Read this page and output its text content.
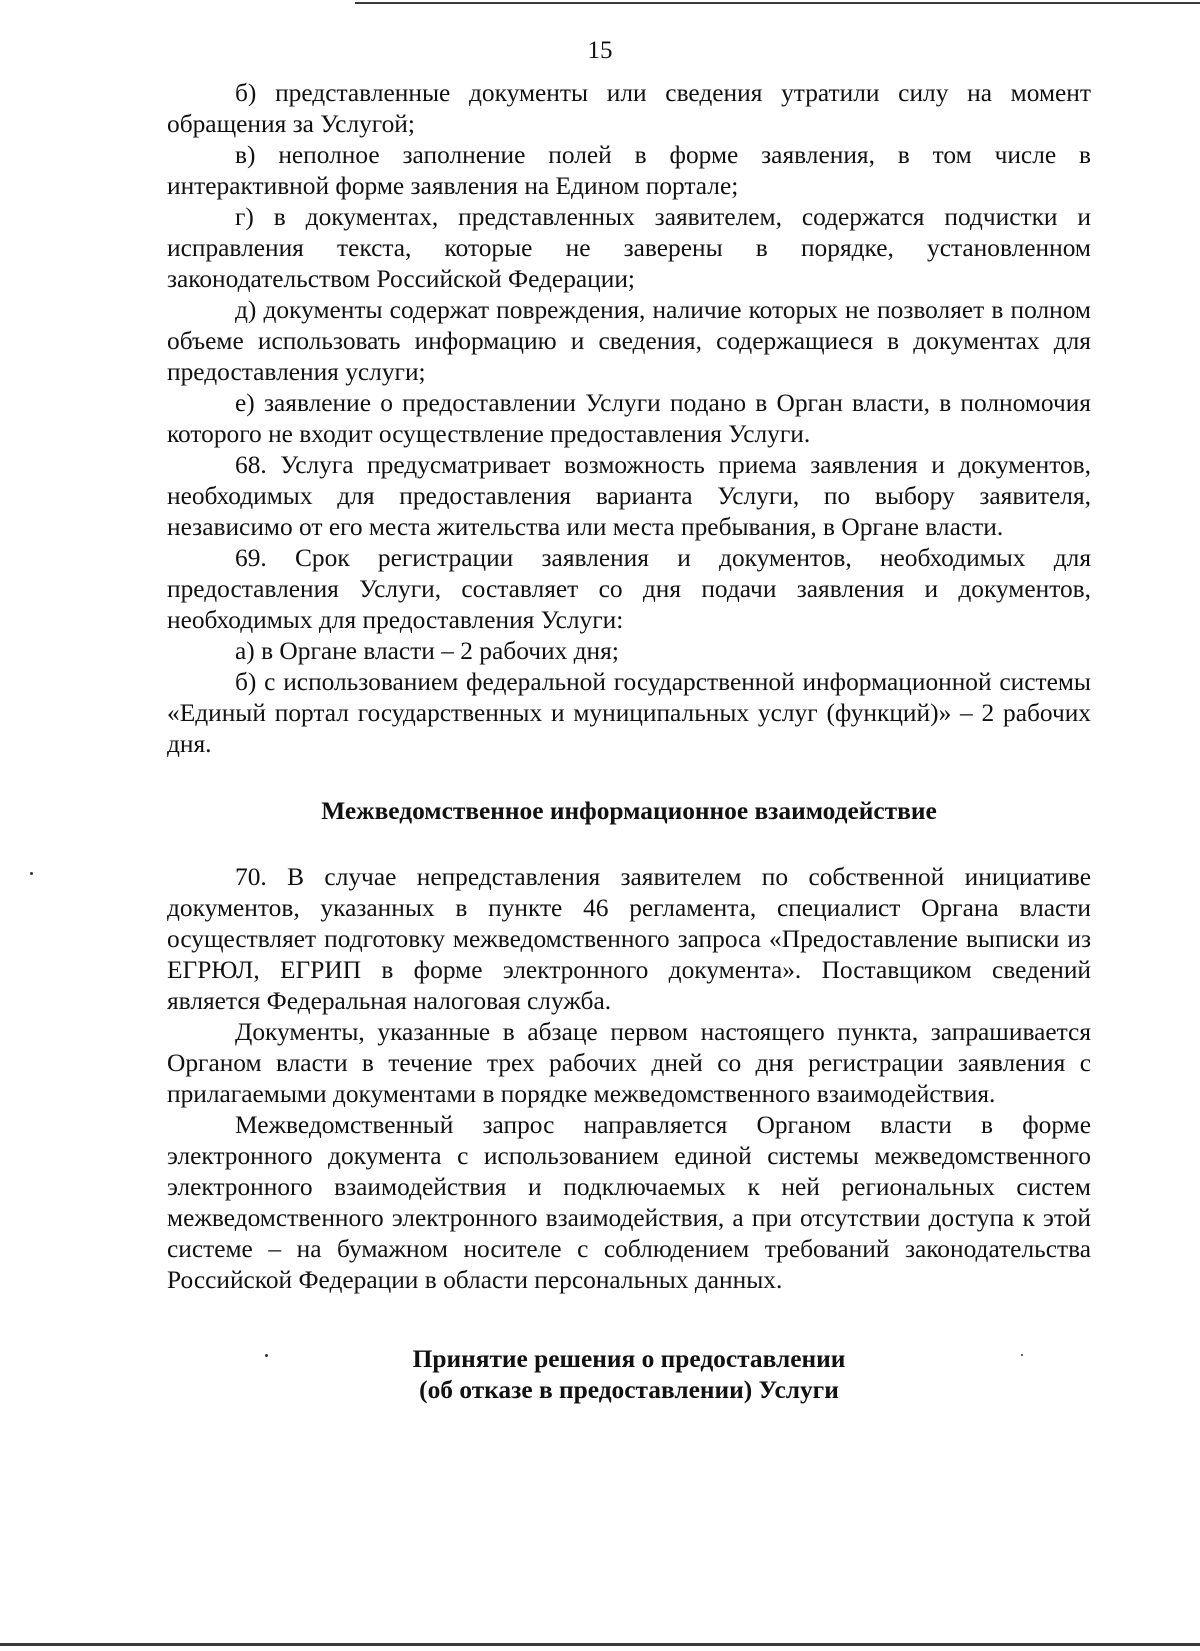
15

б) представленные документы или сведения утратили силу на момент обращения за Услугой;

в) неполное заполнение полей в форме заявления, в том числе в интерактивной форме заявления на Едином портале;

г) в документах, представленных заявителем, содержатся подчистки и исправления текста, которые не заверены в порядке, установленном законодательством Российской Федерации;

д) документы содержат повреждения, наличие которых не позволяет в полном объеме использовать информацию и сведения, содержащиеся в документах для предоставления услуги;

е) заявление о предоставлении Услуги подано в Орган власти, в полномочия которого не входит осуществление предоставления Услуги.

68. Услуга предусматривает возможность приема заявления и документов, необходимых для предоставления варианта Услуги, по выбору заявителя, независимо от его места жительства или места пребывания, в Органе власти.

69. Срок регистрации заявления и документов, необходимых для предоставления Услуги, составляет со дня подачи заявления и документов, необходимых для предоставления Услуги:

а) в Органе власти – 2 рабочих дня;

б) с использованием федеральной государственной информационной системы «Единый портал государственных и муниципальных услуг (функций)» – 2 рабочих дня.

Межведомственное информационное взаимодействие

70. В случае непредставления заявителем по собственной инициативе документов, указанных в пункте 46 регламента, специалист Органа власти осуществляет подготовку межведомственного запроса «Предоставление выписки из ЕГРЮЛ, ЕГРИП в форме электронного документа». Поставщиком сведений является Федеральная налоговая служба.

Документы, указанные в абзаце первом настоящего пункта, запрашивается Органом власти в течение трех рабочих дней со дня регистрации заявления с прилагаемыми документами в порядке межведомственного взаимодействия.

Межведомственный запрос направляется Органом власти в форме электронного документа с использованием единой системы межведомственного электронного взаимодействия и подключаемых к ней региональных систем межведомственного электронного взаимодействия, а при отсутствии доступа к этой системе – на бумажном носителе с соблюдением требований законодательства Российской Федерации в области персональных данных.

Принятие решения о предоставлении
(об отказе в предоставлении) Услуги
